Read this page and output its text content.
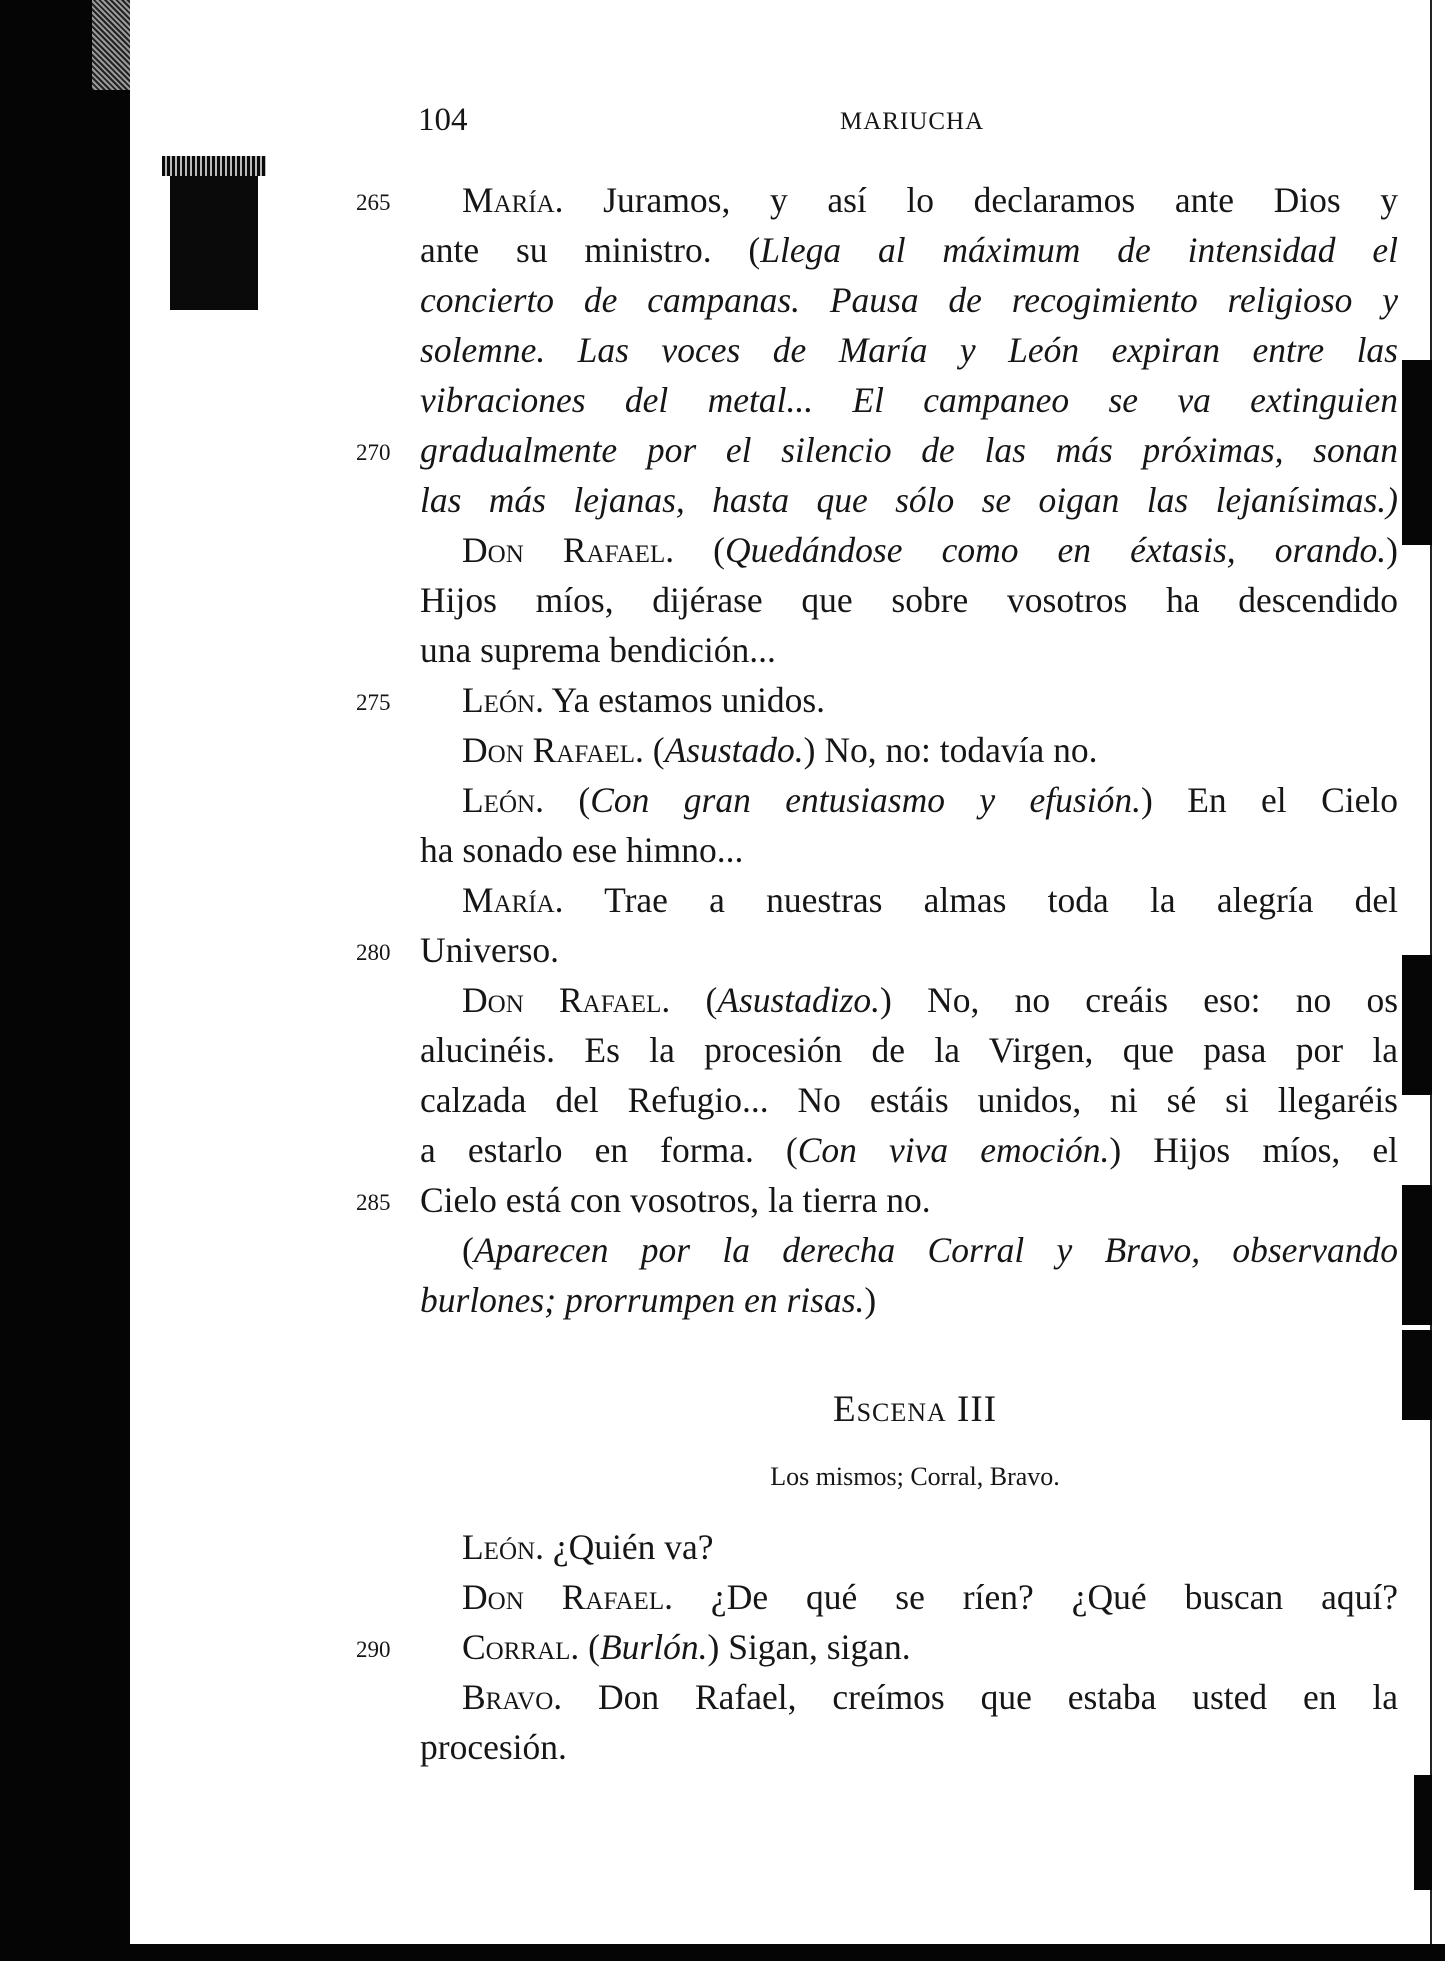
104	MARIUCHA
265	María. Juramos, y así lo declaramos ante Dios y
ante su ministro. (Llega al máximum de intensidad el
concierto de campanas. Pausa de recogimiento religioso y
solemne. Las voces de María y León expiran entre las
vibraciones del metal... El campaneo se va extinguien
270 gradualmente por el silencio de las más próximas, sonan
las más lejanas, hasta que sólo se oigan las lejanísimas.)
Don Rafael. (Quedándose como en éxtasis, orando.)
Hijos míos, dijérase que sobre vosotros ha descendido
una suprema bendición...
275	León. Ya estamos unidos.
Don Rafael. (Asustado.) No, no: todavía no.
León. (Con gran entusiasmo y efusión.) En el Cielo
ha sonado ese himno...
María. Trae a nuestras almas toda la alegría del
280 Universo.
Don Rafael. (Asustadizo.) No, no creáis eso: no os
alucinéis. Es la procesión de la Virgen, que pasa por la
calzada del Refugio... No estáis unidos, ni sé si llegaréis
a estarlo en forma. (Con viva emoción.) Hijos míos, el
285 Cielo está con vosotros, la tierra no.
(Aparecen por la derecha Corral y Bravo, observando
burlones; prorrumpen en risas.)
Escena III
Los mismos; Corral, Bravo.
León. ¿Quién va?
Don Rafael. ¿De qué se ríen? ¿Qué buscan aquí?
290	Corral. (Burlón.) Sigan, sigan.
Bravo. Don Rafael, creímos que estaba usted en la
procesión.
